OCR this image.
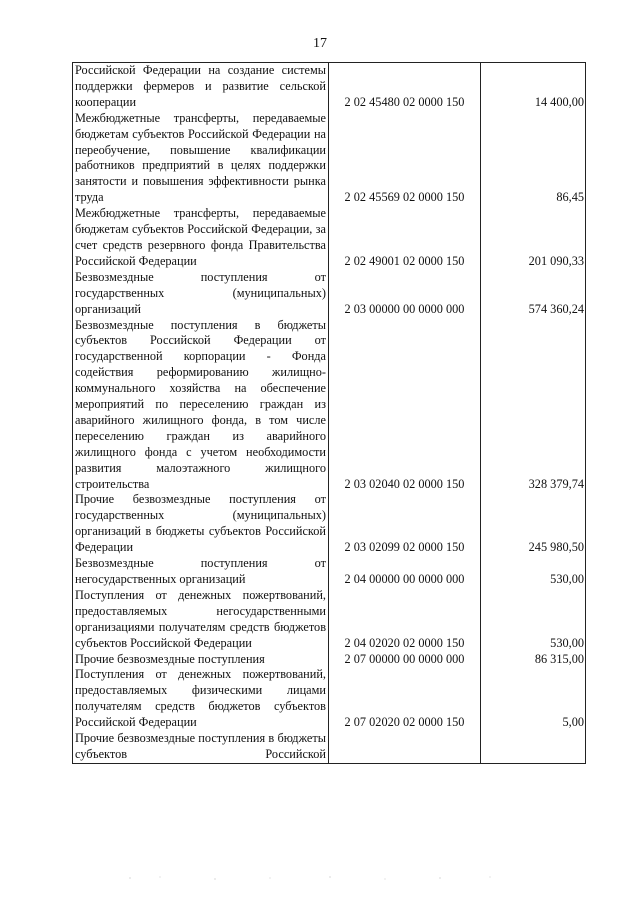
17
Российской Федерации на создание системы поддержки фермеров и развитие сельской кооперации	2 02 45480 02 0000 150	14 400,00
Межбюджетные трансферты, передаваемые бюджетам субъектов Российской Федерации на переобучение, повышение квалификации работников предприятий в целях поддержки занятости и повышения эффективности рынка труда	2 02 45569 02 0000 150	86,45
Межбюджетные трансферты, передаваемые бюджетам субъектов Российской Федерации, за счет средств резервного фонда Правительства Российской Федерации	2 02 49001 02 0000 150	201 090,33
Безвозмездные поступления от государственных (муниципальных) организаций	2 03 00000 00 0000 000	574 360,24
Безвозмездные поступления в бюджеты субъектов Российской Федерации от государственной корпорации - Фонда содействия реформированию жилищно-коммунального хозяйства на обеспечение мероприятий по переселению граждан из аварийного жилищного фонда, в том числе переселению граждан из аварийного жилищного фонда с учетом необходимости развития малоэтажного жилищного строительства	2 03 02040 02 0000 150	328 379,74
Прочие безвозмездные поступления от государственных (муниципальных) организаций в бюджеты субъектов Российской Федерации	2 03 02099 02 0000 150	245 980,50
Безвозмездные поступления от негосударственных организаций	2 04 00000 00 0000 000	530,00
Поступления от денежных пожертвований, предоставляемых негосударственными организациями получателям средств бюджетов субъектов Российской Федерации	2 04 02020 02 0000 150	530,00
Прочие безвозмездные поступления	2 07 00000 00 0000 000	86 315,00
Поступления от денежных пожертвований, предоставляемых физическими лицами получателям средств бюджетов субъектов Российской Федерации	2 07 02020 02 0000 150	5,00
Прочие безвозмездные поступления в бюджеты субъектов Российской		
